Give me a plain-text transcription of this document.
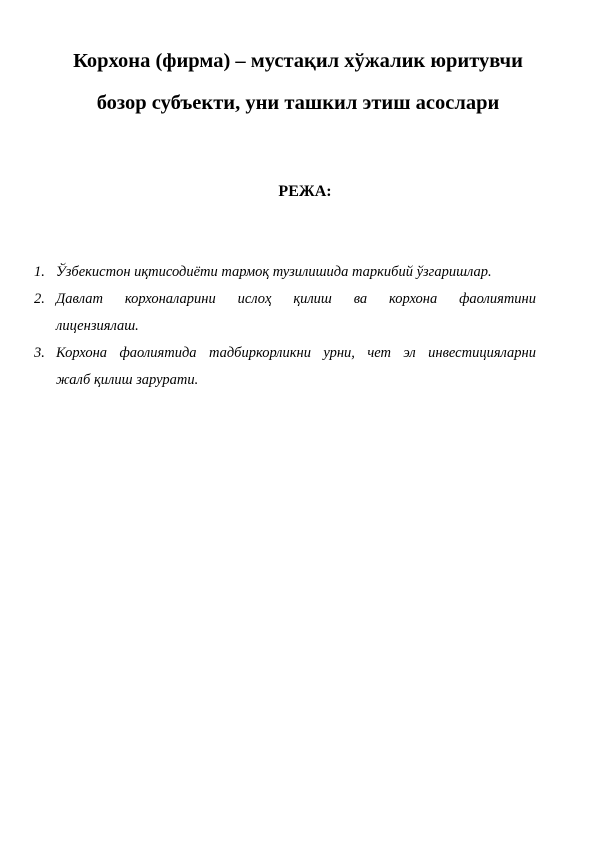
Корхона (фирма) – мустақил хўжалик юритувчи
бозор субъекти, уни ташкил этиш асослари
РЕЖА:
1. Ўзбекистон иқтисодиёти тармоқ тузилишида таркибий ўзгаришлар.
2. Давлат корхоналарини ислоҳ қилиш ва корхона фаолиятини
лицензиялаш.
3. Корхона фаолиятида тадбиркорликни урни, чет эл инвестицияларни
жалб қилиш зарурати.
